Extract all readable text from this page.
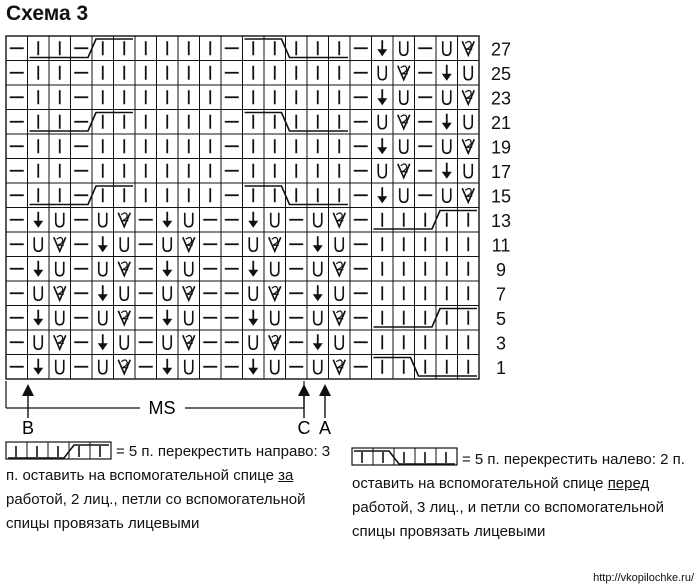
Схема 3
27
25
23
21
19
17
15
13
11
9
7
5
3
1
MS
B	C A
= 5 п. перекрестить направо: 3 п. оставить на вспомогательной спице за работой, 2 лиц., петли со вспомогательной спицы провязать лицевыми
= 5 п. перекрестить налево: 2 п. оставить на вспомогательной спице перед работой, 3 лиц., и петли со вспомогательной спицы провязать лицевыми
http://vkopilochke.ru/
